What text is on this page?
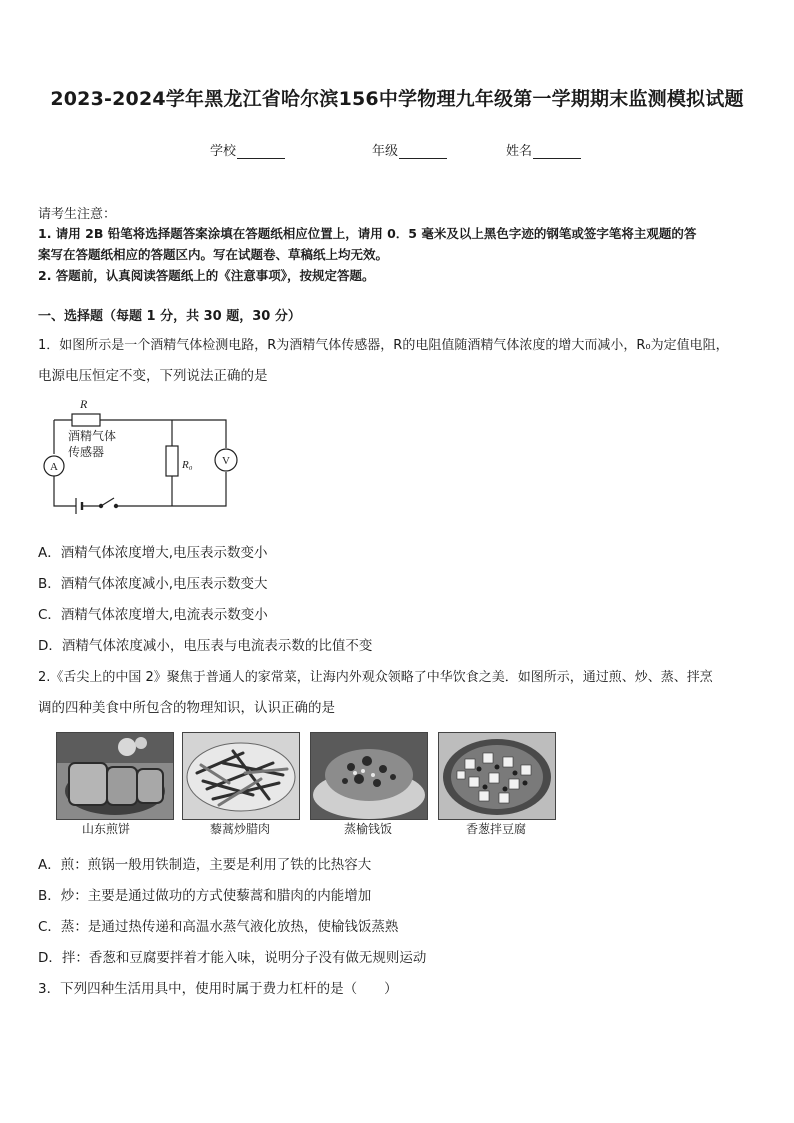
2023-2024学年黑龙江省哈尔滨156中学物理九年级第一学期期末监测模拟试题
学校	年级	姓名
请考生注意：
1. 请用 2B 铅笔将选择题答案涂填在答题纸相应位置上，请用 0．5 毫米及以上黑色字迹的钢笔或签字笔将主观题的答
案写在答题纸相应的答题区内。写在试题卷、草稿纸上均无效。
2. 答题前，认真阅读答题纸上的《注意事项》，按规定答题。
一、选择题（每题 1 分，共 30 题，30 分）
1．如图所示是一个酒精气体检测电路，R为酒精气体传感器，R的电阻值随酒精气体浓度的增大而减小，R₀为定值电阻，
电源电压恒定不变，下列说法正确的是
R
A	V
R₀
酒精气体
传感器
A．酒精气体浓度增大,电压表示数变小
B．酒精气体浓度减小,电压表示数变大
C．酒精气体浓度增大,电流表示数变小
D．酒精气体浓度减小，电压表与电流表示数的比值不变
2.《舌尖上的中国 2》聚焦于普通人的家常菜，让海内外观众领略了中华饮食之美．如图所示，通过煎、炒、蒸、拌烹
调的四种美食中所包含的物理知识，认识正确的是
山东煎饼	藜蒿炒腊肉	蒸榆钱饭	香葱拌豆腐
A．煎：煎锅一般用铁制造，主要是利用了铁的比热容大
B．炒：主要是通过做功的方式使藜蒿和腊肉的内能增加
C．蒸：是通过热传递和高温水蒸气液化放热，使榆钱饭蒸熟
D．拌：香葱和豆腐要拌着才能入味，说明分子没有做无规则运动
3．下列四种生活用具中，使用时属于费力杠杆的是（　　）
